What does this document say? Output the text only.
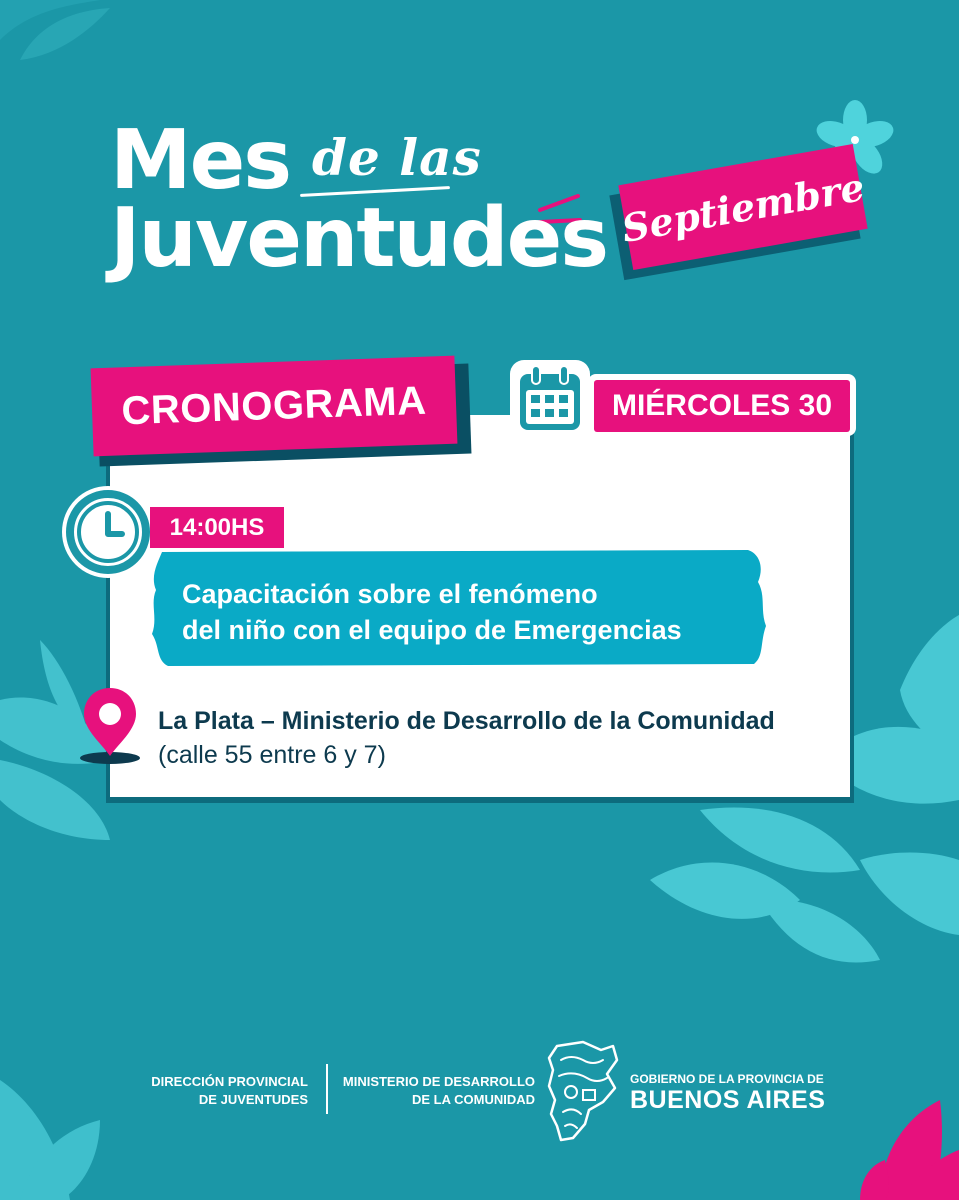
Mes de las
Juventudes Septiembre
CRONOGRAMA	MIÉRCOLES 30
14:00HS
Capacitación sobre el fenómeno
del niño con el equipo de Emergencias
La Plata – Ministerio de Desarrollo de la Comunidad
(calle 55 entre 6 y 7)
DIRECCIÓN PROVINCIAL
DE JUVENTUDES
MINISTERIO DE DESARROLLO
DE LA COMUNIDAD
GOBIERNO DE LA PROVINCIA DE
BUENOS AIRES
